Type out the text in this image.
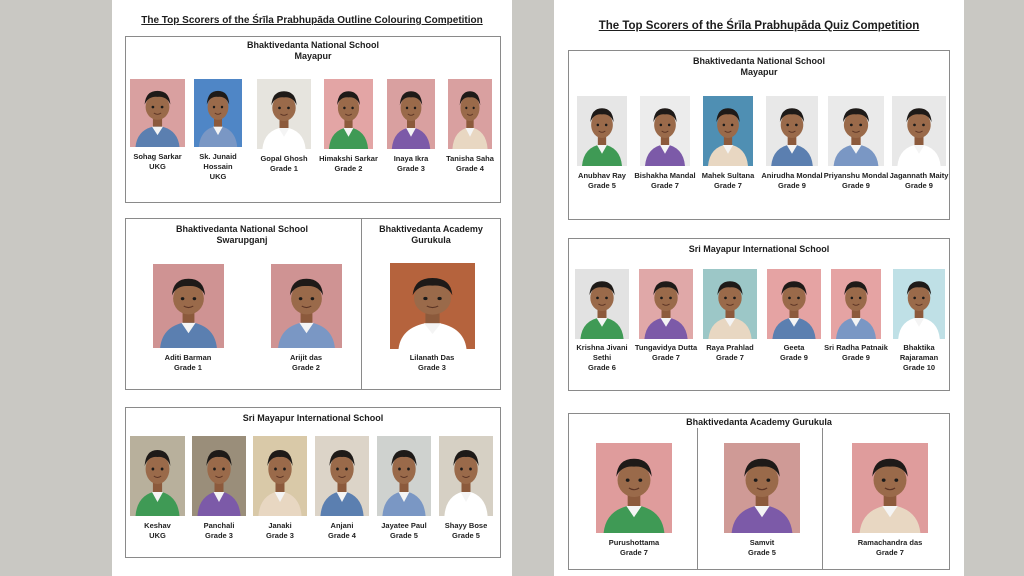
The Top Scorers of the Śrīla Prabhupāda Outline Colouring Competition
Bhaktivedanta National School
Mayapur
Sohag Sarkar
UKG
Sk. Junaid Hossain
UKG
Gopal Ghosh
Grade 1
Himakshi Sarkar
Grade 2
Inaya Ikra
Grade 3
Tanisha Saha
Grade 4
Bhaktivedanta National School
Swarupganj
Bhaktivedanta Academy
Gurukula
Aditi Barman
Grade 1
Arijit das
Grade 2
Lilanath Das
Grade 3
Sri Mayapur International School
Keshav
UKG
Panchali
Grade 3
Janaki
Grade 3
Anjani
Grade 4
Jayatee Paul
Grade 5
Shayy Bose
Grade 5
The Top Scorers of the Śrīla Prabhupāda Quiz Competition
Bhaktivedanta National School
Mayapur
Anubhav Ray
Grade 5
Bishakha Mandal
Grade 7
Mahek Sultana
Grade 7
Anirudha Mondal
Grade 9
Priyanshu Mondal
Grade 9
Jagannath Maity
Grade 9
Sri Mayapur International School
Krishna Jivani Sethi
Grade 6
Tungavidya Dutta
Grade 7
Raya Prahlad
Grade 7
Geeta
Grade 9
Sri Radha Patnaik
Grade 9
Bhaktika Rajaraman
Grade 10
Bhaktivedanta Academy Gurukula
Purushottama
Grade 7
Samvit
Grade 5
Ramachandra das
Grade 7
